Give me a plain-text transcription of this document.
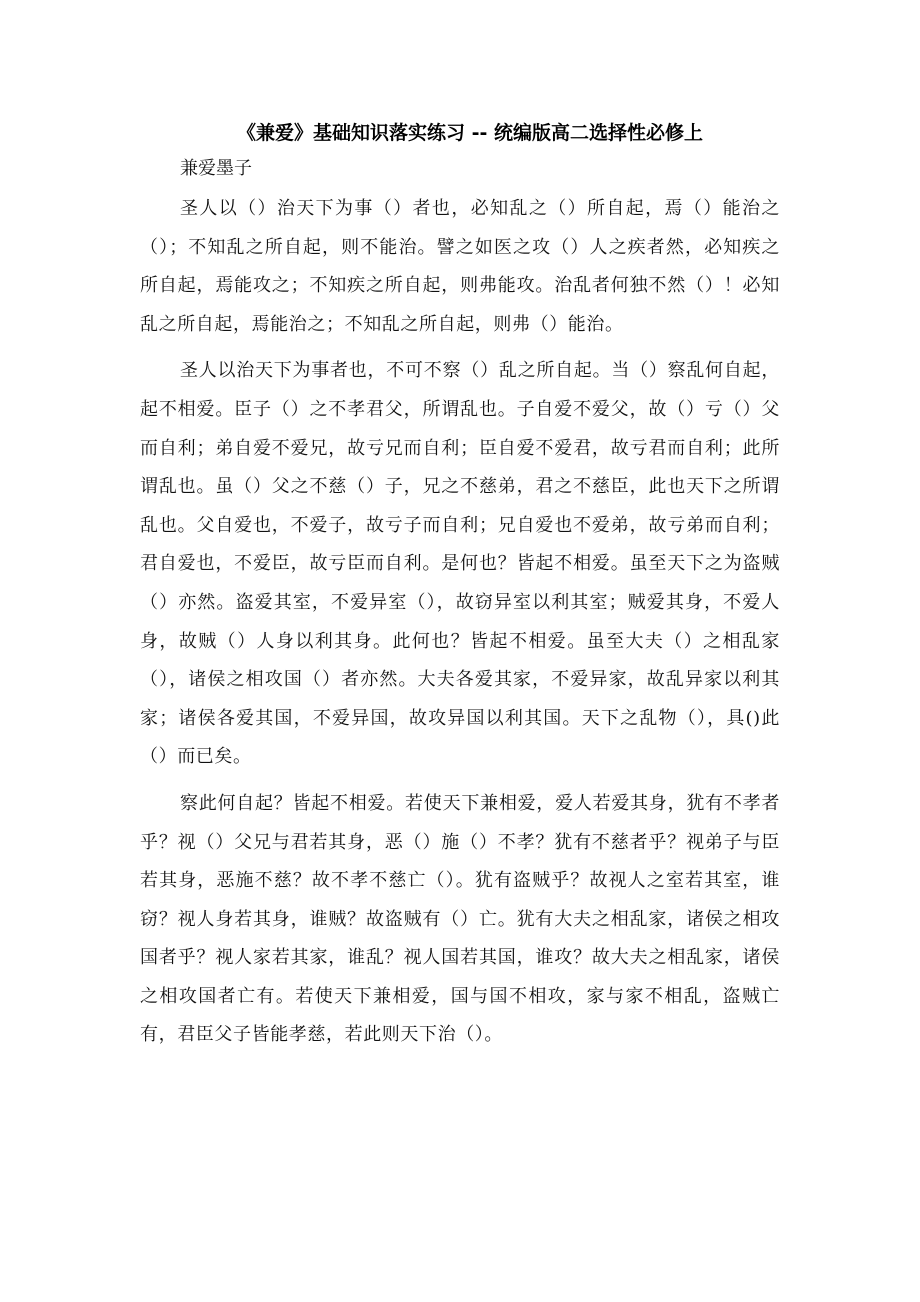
《兼爱》基础知识落实练习 -- 统编版高二选择性必修上

兼爱墨子

圣人以（）治天下为事（）者也，必知乱之（）所自起，焉（）能治之（）；不知乱之所自起，则不能治。譬之如医之攻（）人之疾者然，必知疾之所自起，焉能攻之；不知疾之所自起，则弗能攻。治乱者何独不然（）！必知乱之所自起，焉能治之；不知乱之所自起，则弗（）能治。

圣人以治天下为事者也，不可不察（）乱之所自起。当（）察乱何自起，起不相爱。臣子（）之不孝君父，所谓乱也。子自爱不爱父，故（）亏（）父而自利；弟自爱不爱兄，故亏兄而自利；臣自爱不爱君，故亏君而自利；此所谓乱也。虽（）父之不慈（）子，兄之不慈弟，君之不慈臣，此也天下之所谓乱也。父自爱也，不爱子，故亏子而自利；兄自爱也不爱弟，故亏弟而自利；君自爱也，不爱臣，故亏臣而自利。是何也？皆起不相爱。虽至天下之为盗贼（）亦然。盗爱其室，不爱异室（），故窃异室以利其室；贼爱其身，不爱人身，故贼（）人身以利其身。此何也？皆起不相爱。虽至大夫（）之相乱家（），诸侯之相攻国（）者亦然。大夫各爱其家，不爱异家，故乱异家以利其家；诸侯各爱其国，不爱异国，故攻异国以利其国。天下之乱物（），具()此（）而已矣。

察此何自起？皆起不相爱。若使天下兼相爱，爱人若爱其身，犹有不孝者乎？视（）父兄与君若其身，恶（）施（）不孝？犹有不慈者乎？视弟子与臣若其身，恶施不慈？故不孝不慈亡（）。犹有盗贼乎？故视人之室若其室，谁窃？视人身若其身，谁贼？故盗贼有（）亡。犹有大夫之相乱家，诸侯之相攻国者乎？视人家若其家，谁乱？视人国若其国，谁攻？故大夫之相乱家，诸侯之相攻国者亡有。若使天下兼相爱，国与国不相攻，家与家不相乱，盗贼亡有，君臣父子皆能孝慈，若此则天下治（）。
